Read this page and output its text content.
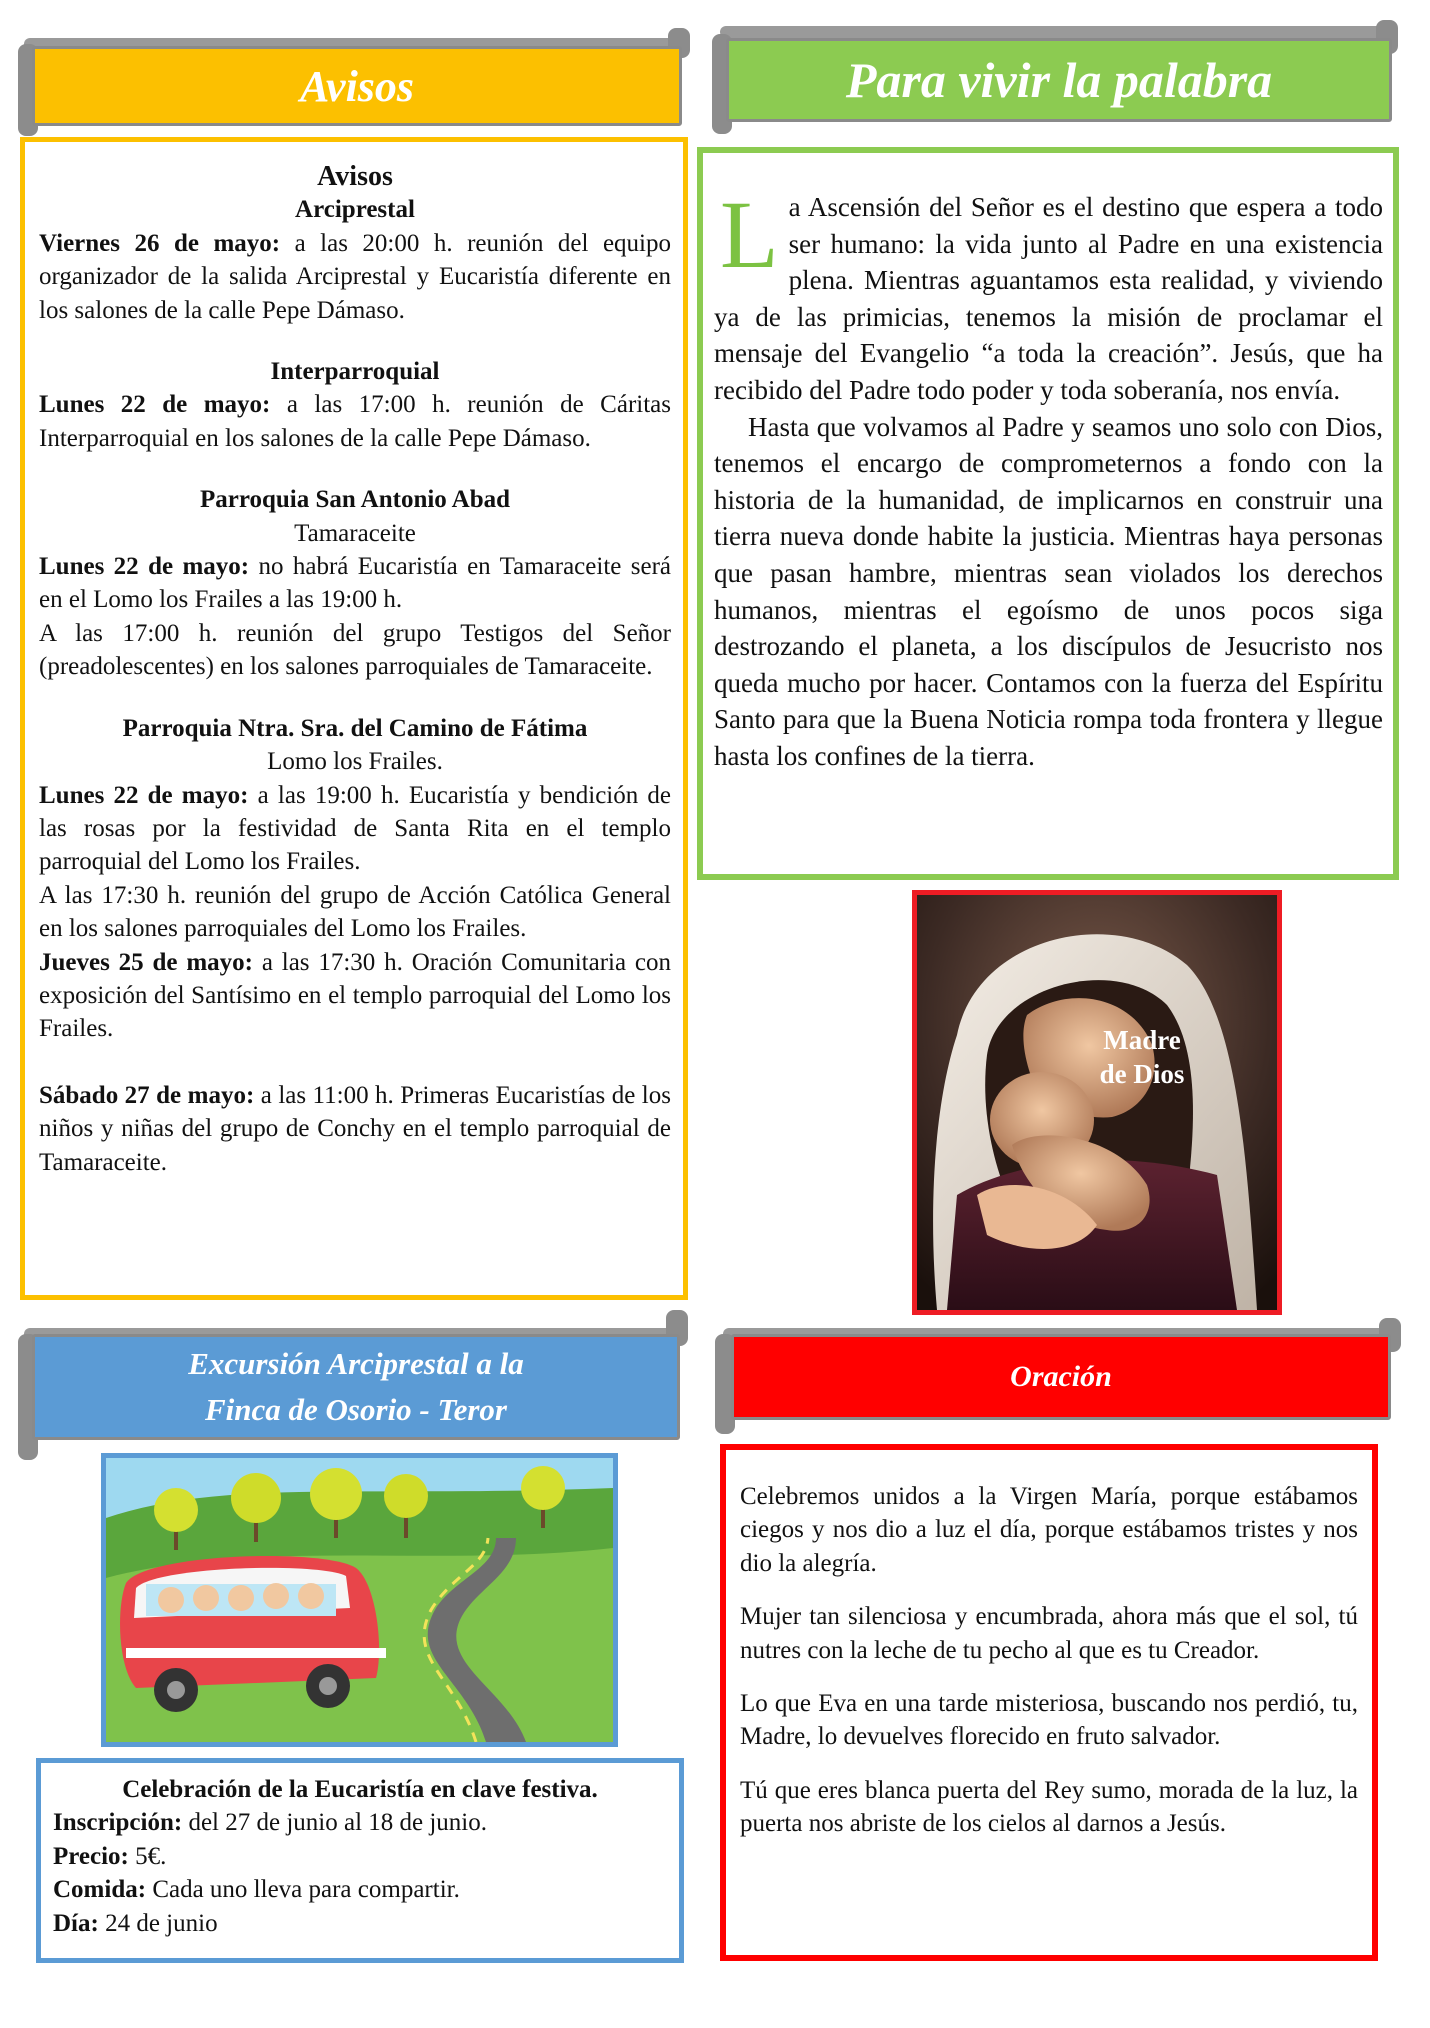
Avisos

Avisos

Arciprestal

Viernes 26 de mayo: a las 20:00 h. reunión del equipo organizador de la salida Arciprestal y Eucaristía diferente en los salones de la calle Pepe Dámaso.

Interparroquial

Lunes 22 de mayo: a las 17:00 h. reunión de Cáritas Interparroquial en los salones de la calle Pepe Dámaso.

Parroquia San Antonio Abad

Tamaraceite

Lunes 22 de mayo: no habrá Eucaristía en Tamaraceite será en el Lomo los Frailes a las 19:00 h.

A las 17:00 h. reunión del grupo Testigos del Señor (preadolescentes) en los salones parroquiales de Tamaraceite.

Parroquia Ntra. Sra. del Camino de Fátima

Lomo los Frailes.

Lunes 22 de mayo: a las 19:00 h. Eucaristía y bendición de las rosas por la festividad de Santa Rita en el templo parroquial del Lomo los Frailes.

A las 17:30 h. reunión del grupo de Acción Católica General en los salones parroquiales del Lomo los Frailes.

Jueves 25 de mayo: a las 17:30 h. Oración Comunitaria con exposición del Santísimo en el templo parroquial del Lomo los Frailes.

Sábado 27 de mayo: a las 11:00 h. Primeras Eucaristías de los niños y niñas del grupo de Conchy en el templo parroquial de Tamaraceite.

Para vivir la palabra

La Ascensión del Señor es el destino que espera a todo ser humano: la vida junto al Padre en una existencia plena. Mientras aguantamos esta realidad, y viviendo ya de las primicias, tenemos la misión de proclamar el mensaje del Evangelio “a toda la creación”. Jesús, que ha recibido del Padre todo poder y toda soberanía, nos envía.

Hasta que volvamos al Padre y seamos uno solo con Dios, tenemos el encargo de comprometernos a fondo con la historia de la humanidad, de implicarnos en construir una tierra nueva donde habite la justicia. Mientras haya personas que pasan hambre, mientras sean violados los derechos humanos, mientras el egoísmo de unos pocos siga destrozando el planeta, a los discípulos de Jesucristo nos queda mucho por hacer. Contamos con la fuerza del Espíritu Santo para que la Buena Noticia rompa toda frontera y llegue hasta los confines de la tierra.

Madre
de Dios
Excursión Arciprestal a la
Finca de Osorio - Teror

Celebración de la Eucaristía en clave festiva.

Inscripción: del 27 de junio al 18 de junio.

Precio: 5€.

Comida: Cada uno lleva para compartir.

Día: 24 de junio

Oración

Celebremos unidos a la Virgen María, porque estábamos ciegos y nos dio a luz el día, porque estábamos tristes y nos dio la alegría.

Mujer tan silenciosa y encumbrada, ahora más que el sol, tú nutres con la leche de tu pecho al que es tu Creador.

Lo que Eva en una tarde misteriosa, buscando nos perdió, tu, Madre, lo devuelves florecido en fruto salvador.

Tú que eres blanca puerta del Rey sumo, morada de la luz, la puerta nos abriste de los cielos al darnos a Jesús.
